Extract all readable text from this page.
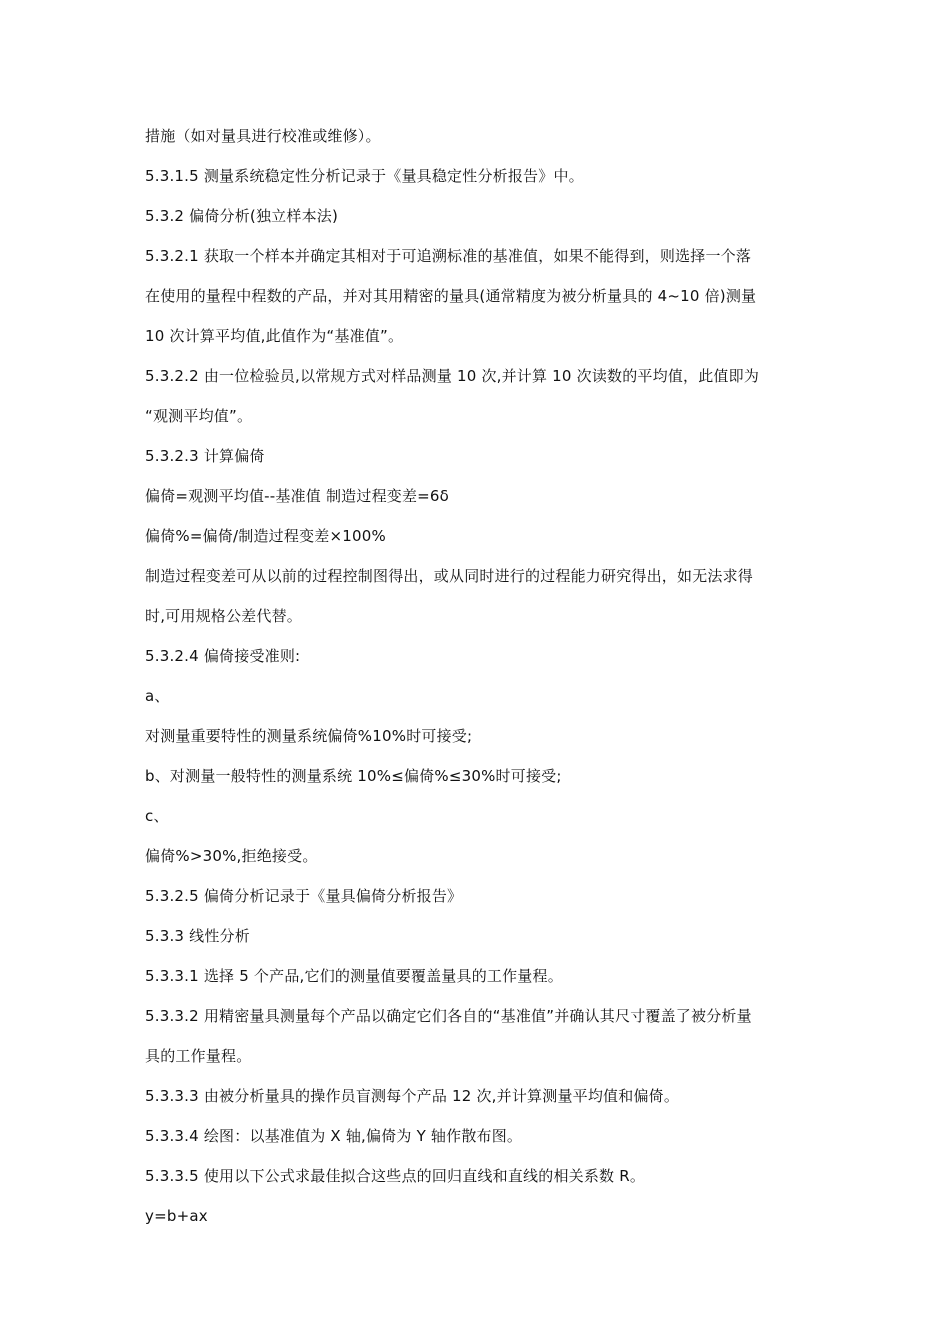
措施（如对量具进行校准或维修）。
5.3.1.5 测量系统稳定性分析记录于《量具稳定性分析报告》中。
5.3.2 偏倚分析(独立样本法)
5.3.2.1 获取一个样本并确定其相对于可追溯标准的基准值，如果不能得到，则选择一个落
在使用的量程中程数的产品，并对其用精密的量具(通常精度为被分析量具的 4~10 倍)测量
10 次计算平均值,此值作为“基准值”。
5.3.2.2 由一位检验员,以常规方式对样品测量 10 次,并计算 10 次读数的平均值，此值即为
“观测平均值”。
5.3.2.3 计算偏倚
偏倚=观测平均值--基准值 制造过程变差=6δ
偏倚%=偏倚/制造过程变差×100%
制造过程变差可从以前的过程控制图得出，或从同时进行的过程能力研究得出，如无法求得
时,可用规格公差代替。
5.3.2.4 偏倚接受准则:
a、
对测量重要特性的测量系统偏倚%10%时可接受;
b、对测量一般特性的测量系统 10%≤偏倚%≤30%时可接受;
c、
偏倚%>30%,拒绝接受。
5.3.2.5 偏倚分析记录于《量具偏倚分析报告》
5.3.3 线性分析
5.3.3.1 选择 5 个产品,它们的测量值要覆盖量具的工作量程。
5.3.3.2 用精密量具测量每个产品以确定它们各自的“基准值”并确认其尺寸覆盖了被分析量
具的工作量程。
5.3.3.3 由被分析量具的操作员盲测每个产品 12 次,并计算测量平均值和偏倚。
5.3.3.4 绘图：以基准值为 X 轴,偏倚为 Y 轴作散布图。
5.3.3.5 使用以下公式求最佳拟合这些点的回归直线和直线的相关系数 R。
y=b+ax
